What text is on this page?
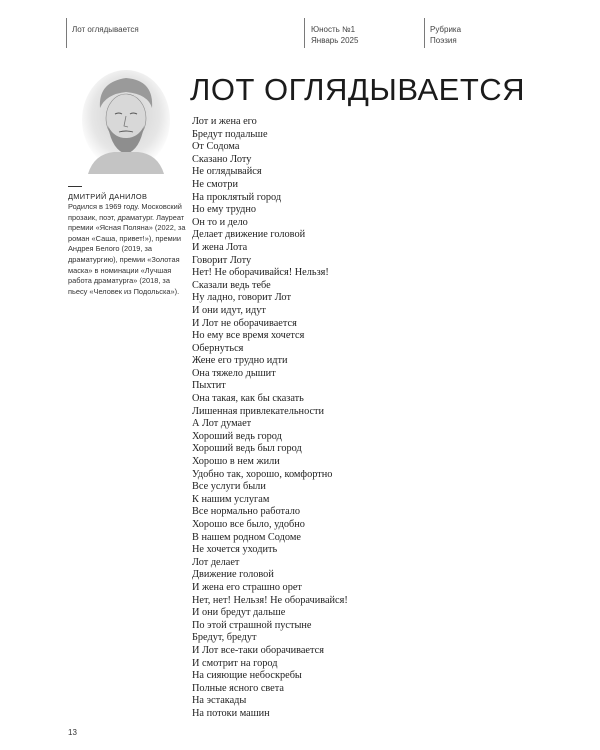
Лот оглядывается	Юность №1
Январь 2025
Рубрика
Поэзия
ЛОТ ОГЛЯДЫВАЕТСЯ
ДМИТРИЙ ДАНИЛОВ
Родился в 1969 году. Московский прозаик, поэт, драматург. Лауреат премии «Ясная Поляна» (2022, за роман «Саша, привет!»), премии Андрея Белого (2019, за драматургию), премии «Золотая маска» в номинации «Лучшая работа драматурга» (2018, за пьесу «Человек из Подольска»).
Лот и жена его
Бредут подальше
От Содома
Сказано Лоту
Не оглядывайся
Не смотри
На проклятый город
Но ему трудно
Он то и дело
Делает движение головой
И жена Лота
Говорит Лоту
Нет! Не оборачивайся! Нельзя!
Сказали ведь тебе
Ну ладно, говорит Лот
И они идут, идут
И Лот не оборачивается
Но ему все время хочется
Обернуться
Жене его трудно идти
Она тяжело дышит
Пыхтит
Она такая, как бы сказать
Лишенная привлекательности
А Лот думает
Хороший ведь город
Хороший ведь был город
Хорошо в нем жили
Удобно так, хорошо, комфортно
Все услуги были
К нашим услугам
Все нормально работало
Хорошо все было, удобно
В нашем родном Содоме
Не хочется уходить
Лот делает
Движение головой
И жена его страшно орет
Нет, нет! Нельзя! Не оборачивайся!
И они бредут дальше
По этой страшной пустыне
Бредут, бредут
И Лот все-таки оборачивается
И смотрит на город
На сияющие небоскребы
Полные ясного света
На эстакады
На потоки машин
13
